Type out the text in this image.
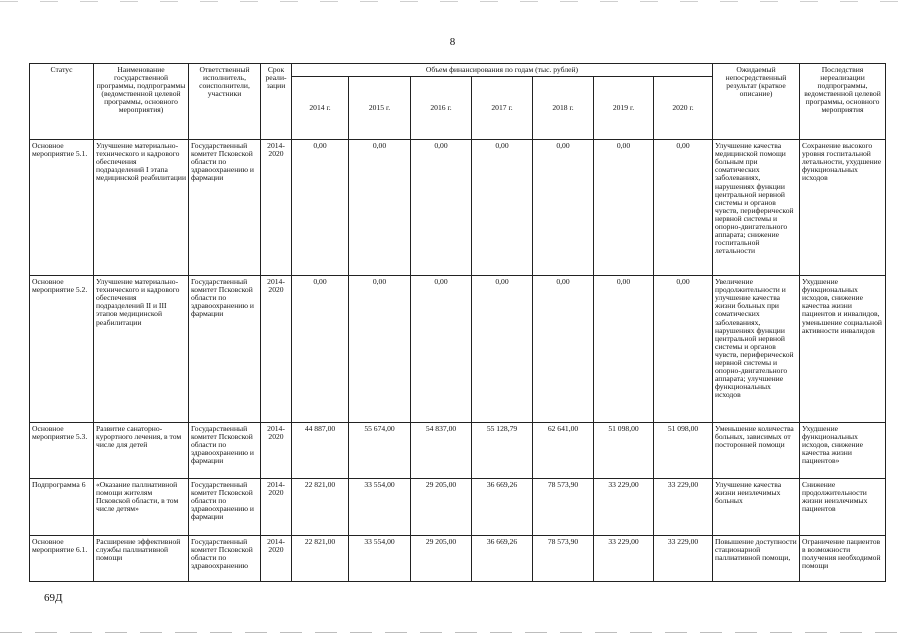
8
Статус	Наименование государственной программы, подпрограммы (ведомственной целевой программы, основного мероприятия)	Ответственный исполнитель, соисполнители, участники	Срок реали-зации	Объем финансирования по годам (тыс. рублей)							Ожидаемый непосредственный результат (краткое описание)	Последствия нереализации подпрограммы, ведомственной целевой программы, основного мероприятия
				2014 г.	2015 г.	2016 г.	2017 г.	2018 г.	2019 г.	2020 г.		
Основное мероприятие 5.1.	Улучшение материально-технического и кадрового обеспечения подразделений I этапа медицинской реабилитации	Государственный комитет Псковской области по здравоохранению и фармации	2014-2020	0,00	0,00	0,00	0,00	0,00	0,00	0,00	Улучшение качества медицинской помощи больным при соматических заболеваниях, нарушениях функции центральной нервной системы и органов чувств, периферической нервной системы и опорно-двигательного аппарата; снижение госпитальной летальности	Сохранение высокого уровня госпитальной летальности, ухудшение функциональных исходов
Основное мероприятие 5.2.	Улучшение материально-технического и кадрового обеспечения подразделений II и III этапов медицинской реабилитации	Государственный комитет Псковской области по здравоохранению и фармации	2014-2020	0,00	0,00	0,00	0,00	0,00	0,00	0,00	Увеличение продолжительности и улучшение качества жизни больных при соматических заболеваниях, нарушениях функции центральной нервной системы и органов чувств, периферической нервной системы и опорно-двигательного аппарата; улучшение функциональных исходов	Ухудшение функциональных исходов, снижение качества жизни пациентов и инвалидов, уменьшение социальной активности инвалидов
Основное мероприятие 5.3.	Развитие санаторно-курортного лечения, в том числе для детей	Государственный комитет Псковской области по здравоохранению и фармации	2014-2020	44 887,00	55 674,00	54 837,00	55 128,79	62 641,00	51 098,00	51 098,00	Уменьшение количества больных, зависимых от посторонней помощи	Ухудшение функциональных исходов, снижение качества жизни пациентов»
Подпрограмма 6	«Оказание паллиативной помощи жителям Псковской области, в том числе детям»	Государственный комитет Псковской области по здравоохранению и фармации	2014-2020	22 821,00	33 554,00	29 205,00	36 669,26	78 573,90	33 229,00	33 229,00	Улучшение качества жизни неизлечимых больных	Снижение продолжительности жизни неизлечимых пациентов
Основное мероприятие 6.1.	Расширение эффективной службы паллиативной помощи	Государственный комитет Псковской области по здравоохранению	2014-2020	22 821,00	33 554,00	29 205,00	36 669,26	78 573,90	33 229,00	33 229,00	Повышение доступности стационарной паллиативной помощи,	Ограничение пациентов в возможности получения необходимой помощи
69Д
